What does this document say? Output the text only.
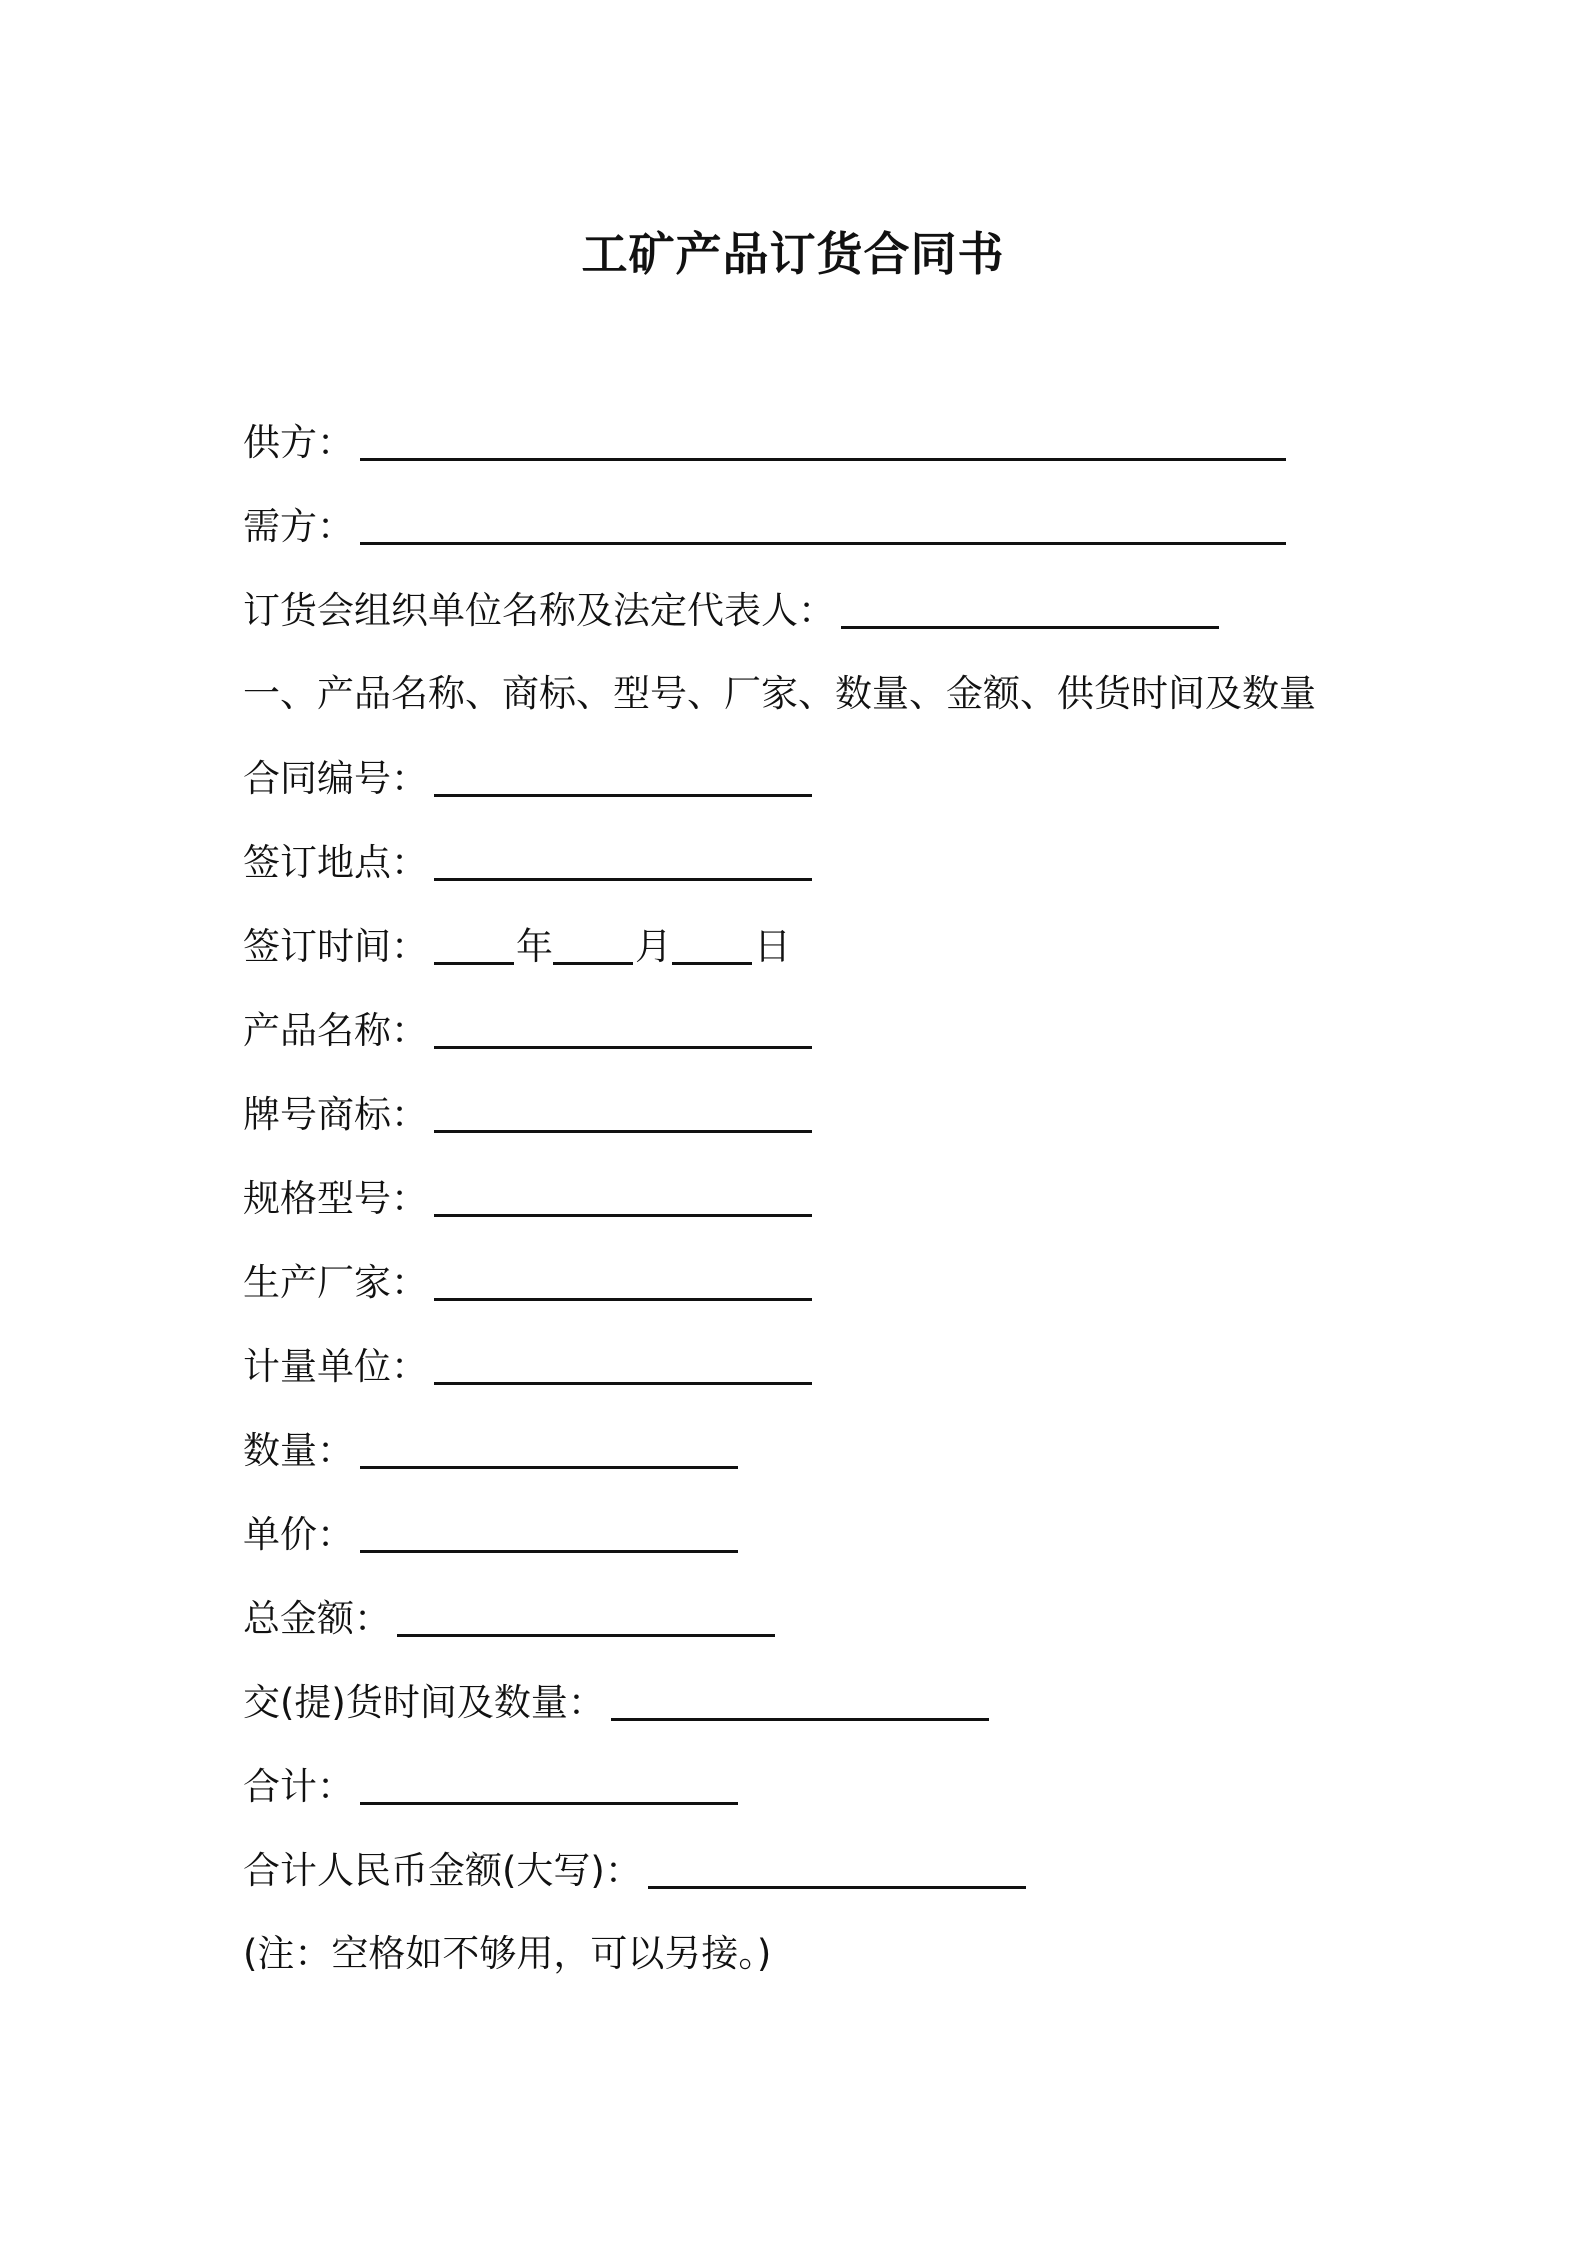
工矿产品订货合同书
供方：
需方：
订货会组织单位名称及法定代表人：
一、产品名称、商标、型号、厂家、数量、金额、供货时间及数量
合同编号：
签订地点：
签订时间： 年 月 日
产品名称：
牌号商标：
规格型号：
生产厂家：
计量单位：
数量：
单价：
总金额：
交(提)货时间及数量：
合计：
合计人民币金额(大写)：
(注：空格如不够用，可以另接。)
